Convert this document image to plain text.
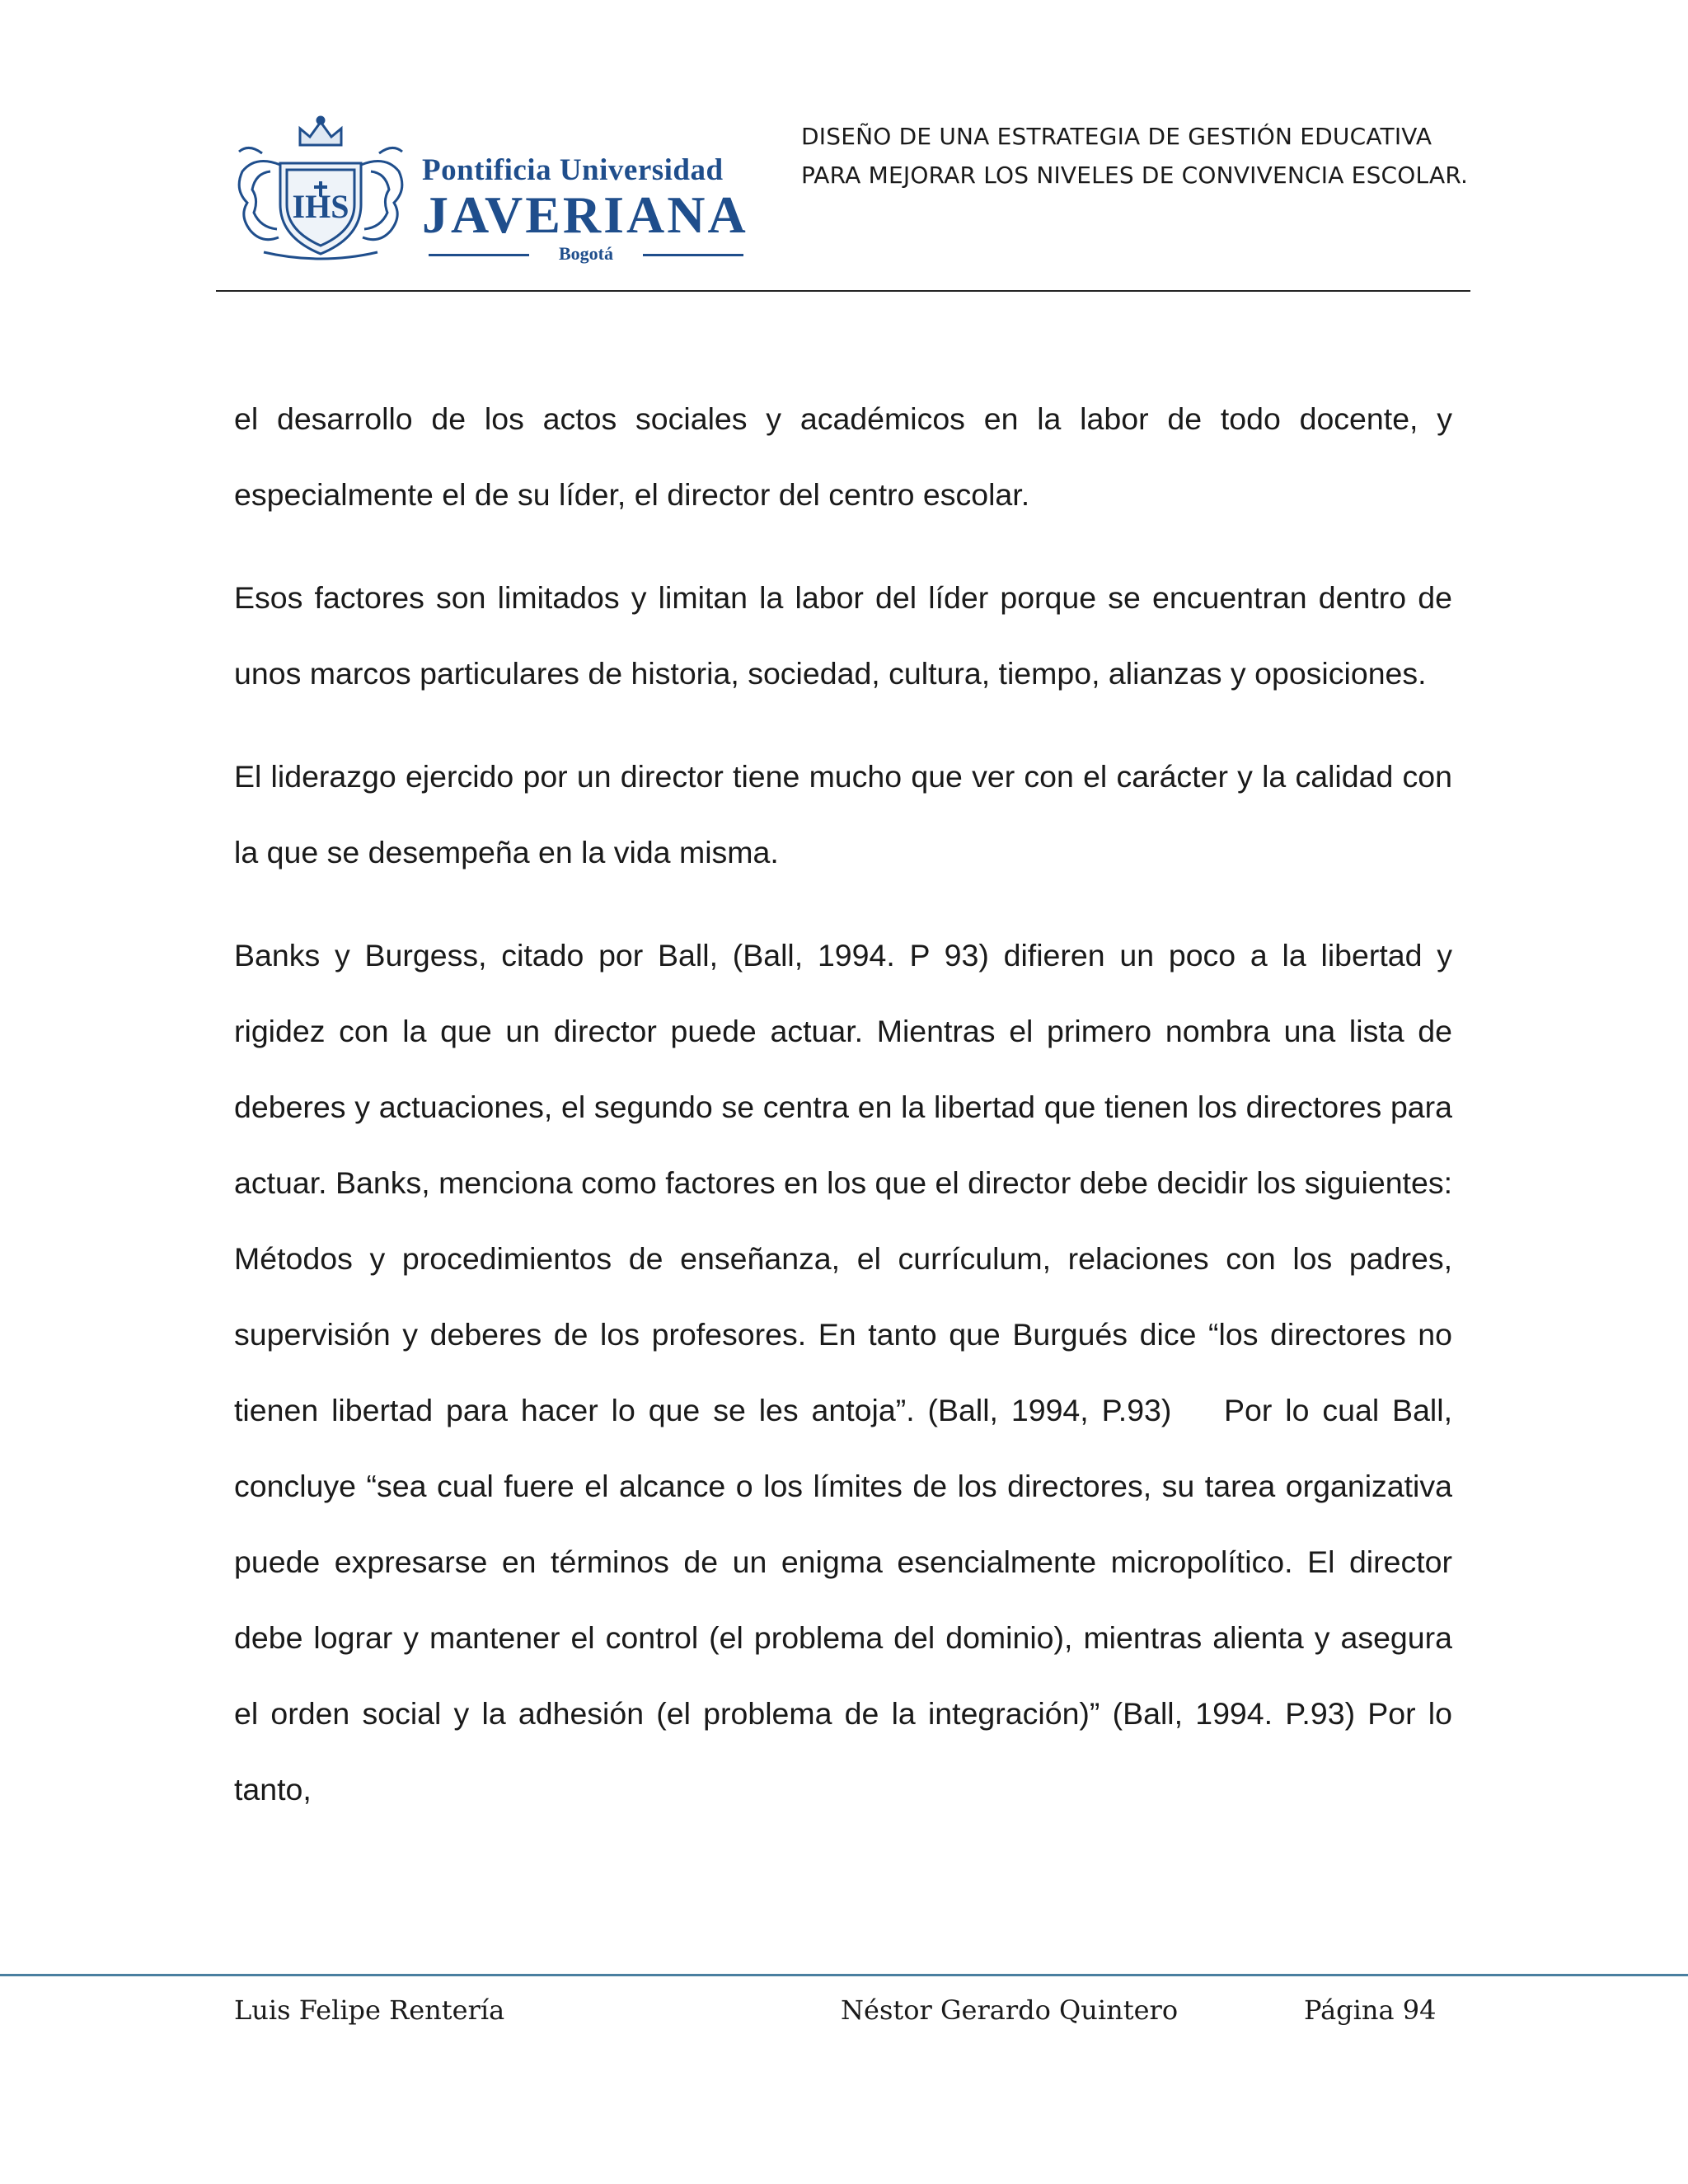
IHS
Pontificia Universidad
JAVERIANA
Bogotá
DISEÑO DE UNA ESTRATEGIA DE GESTIÓN EDUCATIVA
PARA MEJORAR LOS NIVELES DE CONVIVENCIA ESCOLAR.

el desarrollo de los actos sociales y académicos en la labor de todo docente, y especialmente el de su líder, el director del centro escolar.

Esos factores son limitados y limitan la labor del líder porque se encuentran dentro de unos marcos particulares de historia, sociedad, cultura, tiempo, alianzas y oposiciones.

El liderazgo ejercido por un director tiene mucho que ver con el carácter y la calidad con la que se desempeña en la vida misma.

Banks y Burgess, citado por Ball, (Ball, 1994. P 93) difieren un poco a la libertad y rigidez con la que un director puede actuar. Mientras el primero nombra una lista de deberes y actuaciones, el segundo se centra en la libertad que tienen los directores para actuar. Banks, menciona como factores en los que el director debe decidir los siguientes: Métodos y procedimientos de enseñanza, el currículum, relaciones con los padres, supervisión y deberes de los profesores. En tanto que Burgués dice “los directores no tienen libertad para hacer lo que se les antoja”. (Ball, 1994, P.93)    Por lo cual Ball, concluye “sea cual fuere el alcance o los límites de los directores, su tarea organizativa puede expresarse en términos de un enigma esencialmente micropolítico. El director debe lograr y mantener el control (el problema del dominio), mientras alienta y asegura el orden social y la adhesión (el problema de la integración)” (Ball, 1994. P.93) Por lo tanto,

Luis Felipe Rentería	Néstor Gerardo Quintero	Página 94
